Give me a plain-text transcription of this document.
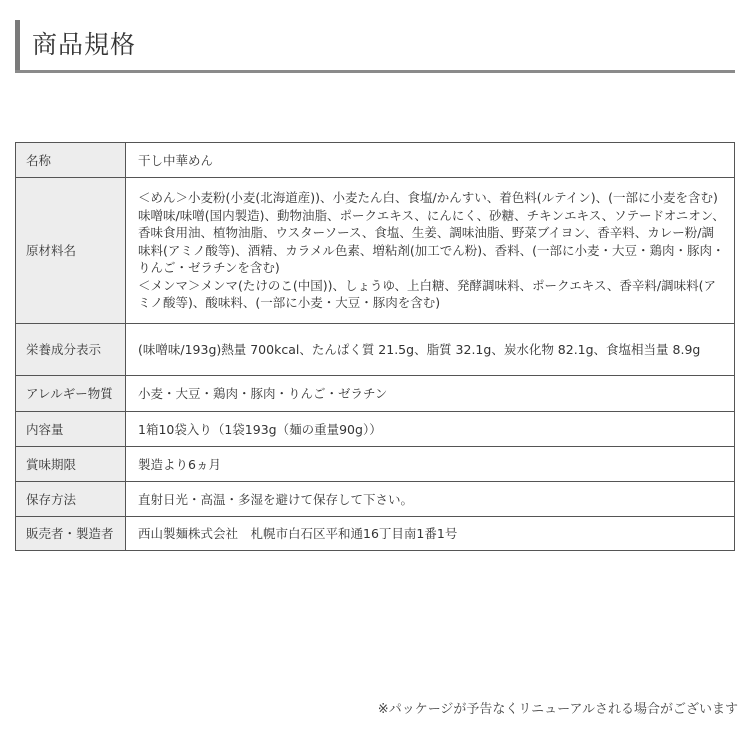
商品規格
名称	干し中華めん
原材料名	＜めん＞小麦粉(小麦(北海道産))、小麦たん白、食塩/かんすい、着色料(ルテイン)、(一部に小麦を含む)
味噌味/味噌(国内製造)、動物油脂、ポークエキス、にんにく、砂糖、チキンエキス、ソテードオニオン、香味食用油、植物油脂、ウスターソース、食塩、生姜、調味油脂、野菜ブイヨン、香辛料、カレー粉/調味料(アミノ酸等)、酒精、カラメル色素、増粘剤(加工でん粉)、香料、(一部に小麦・大豆・鶏肉・豚肉・りんご・ゼラチンを含む)
＜メンマ＞メンマ(たけのこ(中国))、しょうゆ、上白糖、発酵調味料、ポークエキス、香辛料/調味料(アミノ酸等)、酸味料、(一部に小麦・大豆・豚肉を含む)

栄養成分表示	(味噌味/193g)熱量 700kcal、たんぱく質 21.5g、脂質 32.1g、炭水化物 82.1g、食塩相当量 8.9g
アレルギー物質	小麦・大豆・鶏肉・豚肉・りんご・ゼラチン
内容量	1箱10袋入り（1袋193g（麺の重量90g））
賞味期限	製造より6ヵ月
保存方法	直射日光・高温・多湿を避けて保存して下さい。
販売者・製造者	西山製麺株式会社　札幌市白石区平和通16丁目南1番1号
※パッケージが予告なくリニューアルされる場合がございます
